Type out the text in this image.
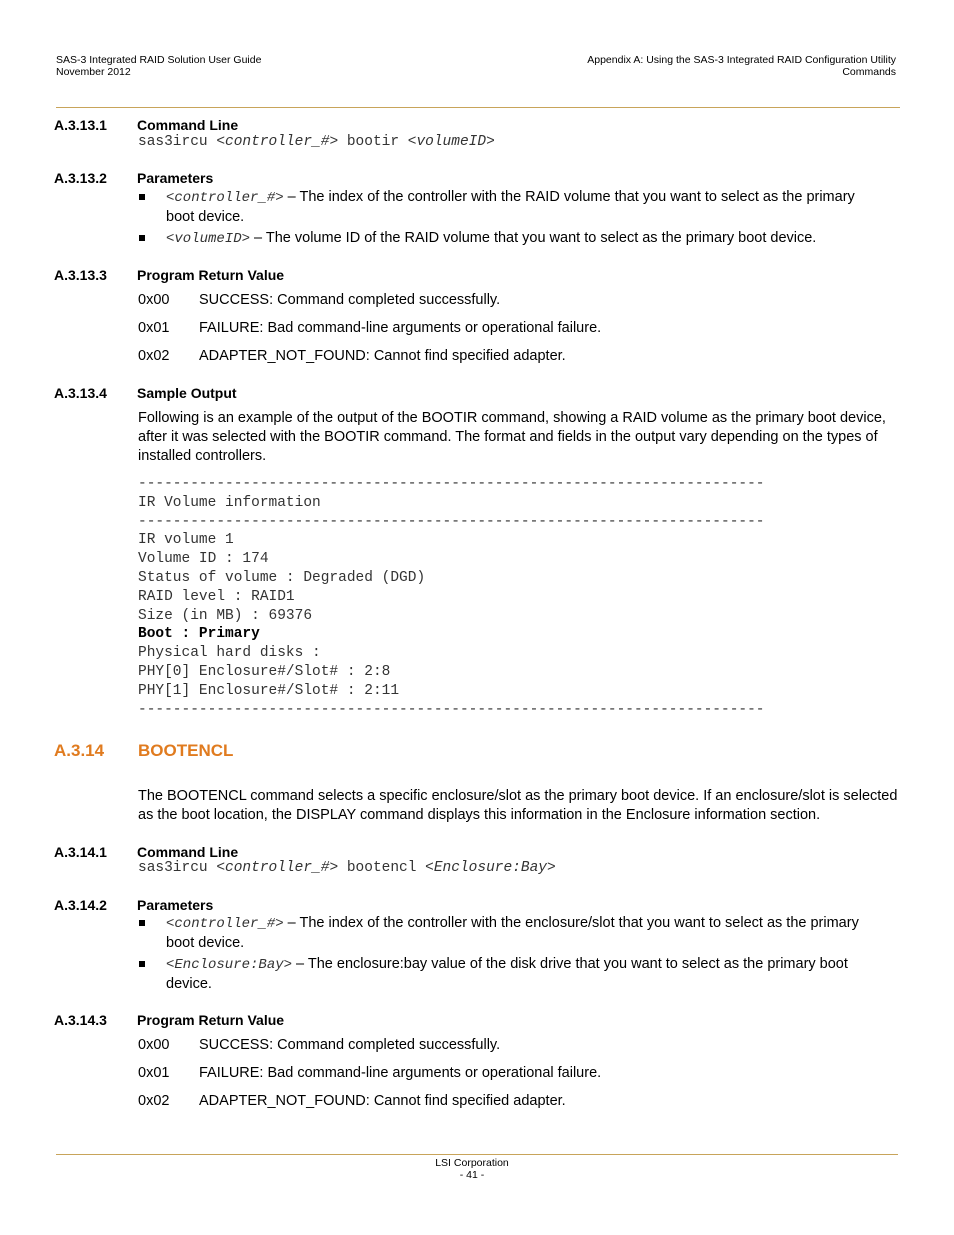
SAS-3 Integrated RAID Solution User Guide
November 2012
Appendix A: Using the SAS-3 Integrated RAID Configuration Utility
Commands
A.3.13.1 Command Line
sas3ircu <controller_#> bootir <volumeID>
A.3.13.2 Parameters
<controller_#> – The index of the controller with the RAID volume that you want to select as the primary
boot device.
<volumeID> – The volume ID of the RAID volume that you want to select as the primary boot device.
A.3.13.3 Program Return Value
0x00 SUCCESS: Command completed successfully.
0x01 FAILURE: Bad command-line arguments or operational failure.
0x02 ADAPTER_NOT_FOUND: Cannot find specified adapter.
A.3.13.4 Sample Output
Following is an example of the output of the BOOTIR command, showing a RAID volume as the primary boot device,
after it was selected with the BOOTIR command. The format and fields in the output vary depending on the types of
installed controllers.
------------------------------------------------------------------------
IR Volume information
------------------------------------------------------------------------
IR volume 1
Volume ID : 174
Status of volume : Degraded (DGD)
RAID level : RAID1
Size (in MB) : 69376
Boot : Primary
Physical hard disks :
PHY[0] Enclosure#/Slot# : 2:8
PHY[1] Enclosure#/Slot# : 2:11
------------------------------------------------------------------------
A.3.14 BOOTENCL
The BOOTENCL command selects a specific enclosure/slot as the primary boot device. If an enclosure/slot is selected
as the boot location, the DISPLAY command displays this information in the Enclosure information section.
A.3.14.1 Command Line
sas3ircu <controller_#> bootencl <Enclosure:Bay>
A.3.14.2 Parameters
<controller_#> – The index of the controller with the enclosure/slot that you want to select as the primary
boot device.
<Enclosure:Bay> – The enclosure:bay value of the disk drive that you want to select as the primary boot
device.
A.3.14.3 Program Return Value
0x00 SUCCESS: Command completed successfully.
0x01 FAILURE: Bad command-line arguments or operational failure.
0x02 ADAPTER_NOT_FOUND: Cannot find specified adapter.
LSI Corporation
- 41 -
